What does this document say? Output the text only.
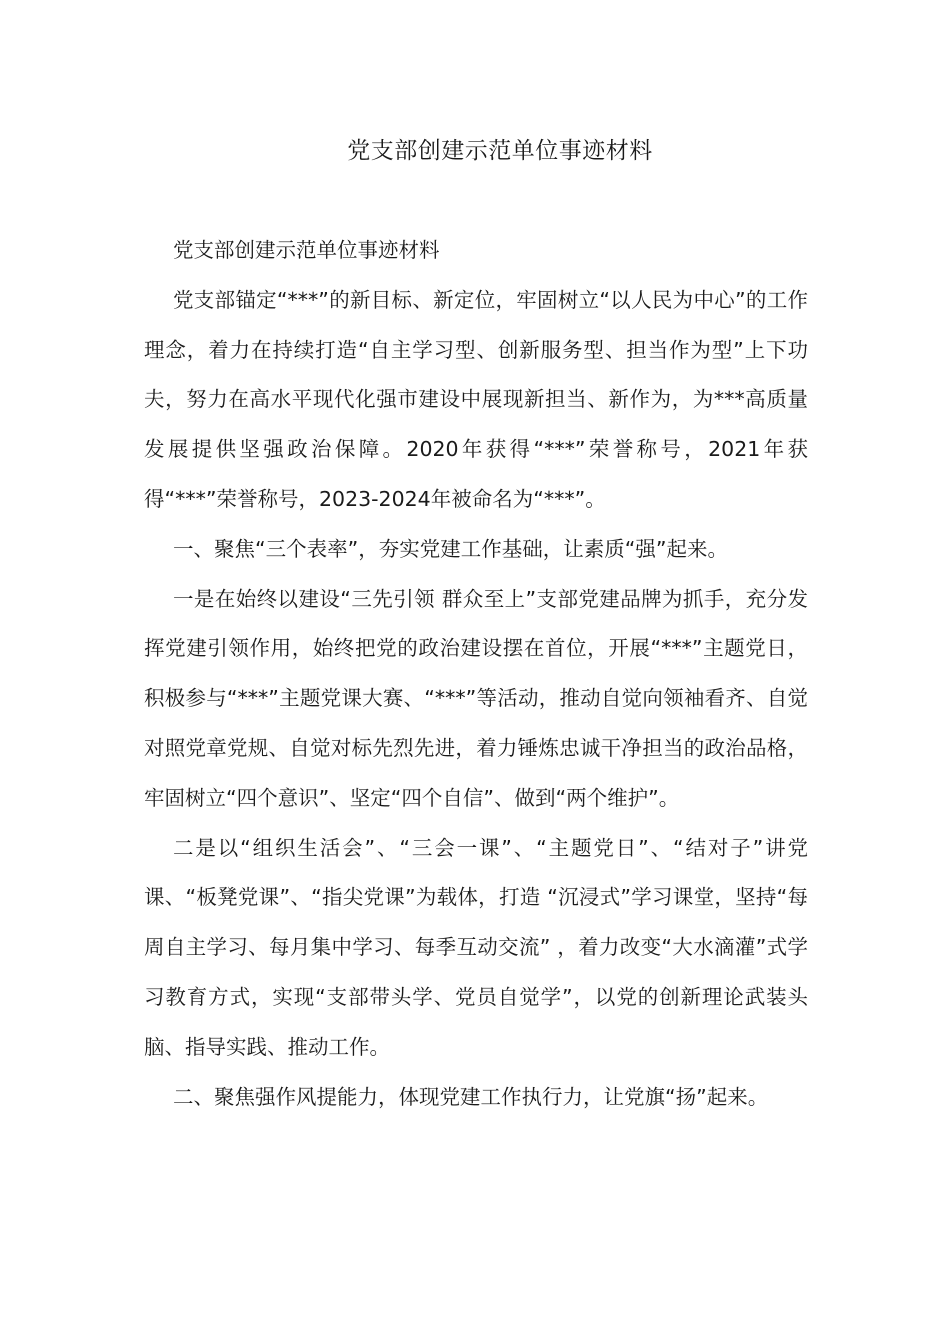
党支部创建示范单位事迹材料

党支部创建示范单位事迹材料

党支部锚定“***”的新目标、新定位，牢固树立“以人民为中心”的工作理念，着力在持续打造“自主学习型、创新服务型、担当作为型”上下功夫，努力在高水平现代化强市建设中展现新担当、新作为，为***高质量发展提供坚强政治保障。2020年获得“***”荣誉称号，2021年获得“***”荣誉称号，2023-2024年被命名为“***”。

一、聚焦“三个表率”，夯实党建工作基础，让素质“强”起来。

一是在始终以建设“三先引领 群众至上”支部党建品牌为抓手，充分发挥党建引领作用，始终把党的政治建设摆在首位，开展“***”主题党日，积极参与“***”主题党课大赛、“***”等活动，推动自觉向领袖看齐、自觉对照党章党规、自觉对标先烈先进，着力锤炼忠诚干净担当的政治品格，牢固树立“四个意识”、坚定“四个自信”、做到“两个维护”。

二是以“组织生活会”、“三会一课”、“主题党日”、“结对子”讲党课、“板凳党课”、“指尖党课”为载体，打造 “沉浸式”学习课堂，坚持“每周自主学习、每月集中学习、每季互动交流” ，着力改变“大水滴灌”式学习教育方式，实现“支部带头学、党员自觉学”，以党的创新理论武装头脑、指导实践、推动工作。

二、聚焦强作风提能力，体现党建工作执行力，让党旗“扬”起来。
